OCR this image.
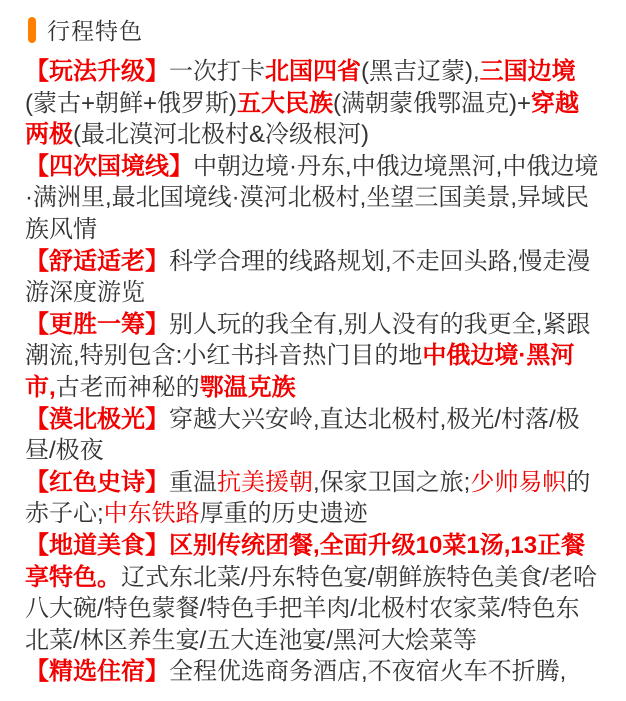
行程特色

【玩法升级】一次打卡北国四省(黑吉辽蒙),三国边境(蒙古+朝鲜+俄罗斯)五大民族(满朝蒙俄鄂温克)+穿越两极(最北漠河北极村&冷级根河)

【四次国境线】中朝边境·丹东,中俄边境黑河,中俄边境·满洲里,最北国境线·漠河北极村,坐望三国美景,异域民族风情

【舒适适老】科学合理的线路规划,不走回头路,慢走漫游深度游览

【更胜一筹】别人玩的我全有,别人没有的我更全,紧跟潮流,特别包含:小红书抖音热门目的地中俄边境·黑河市,古老而神秘的鄂温克族

【漠北极光】穿越大兴安岭,直达北极村,极光/村落/极昼/极夜

【红色史诗】重温抗美援朝,保家卫国之旅;少帅易帜的赤子心;中东铁路厚重的历史遗迹

【地道美食】区别传统团餐,全面升级10菜1汤,13正餐享特色。辽式东北菜/丹东特色宴/朝鲜族特色美食/老哈八大碗/特色蒙餐/特色手把羊肉/北极村农家菜/特色东北菜/林区养生宴/五大连池宴/黑河大烩菜等

【精选住宿】全程优选商务酒店,不夜宿火车不折腾,
